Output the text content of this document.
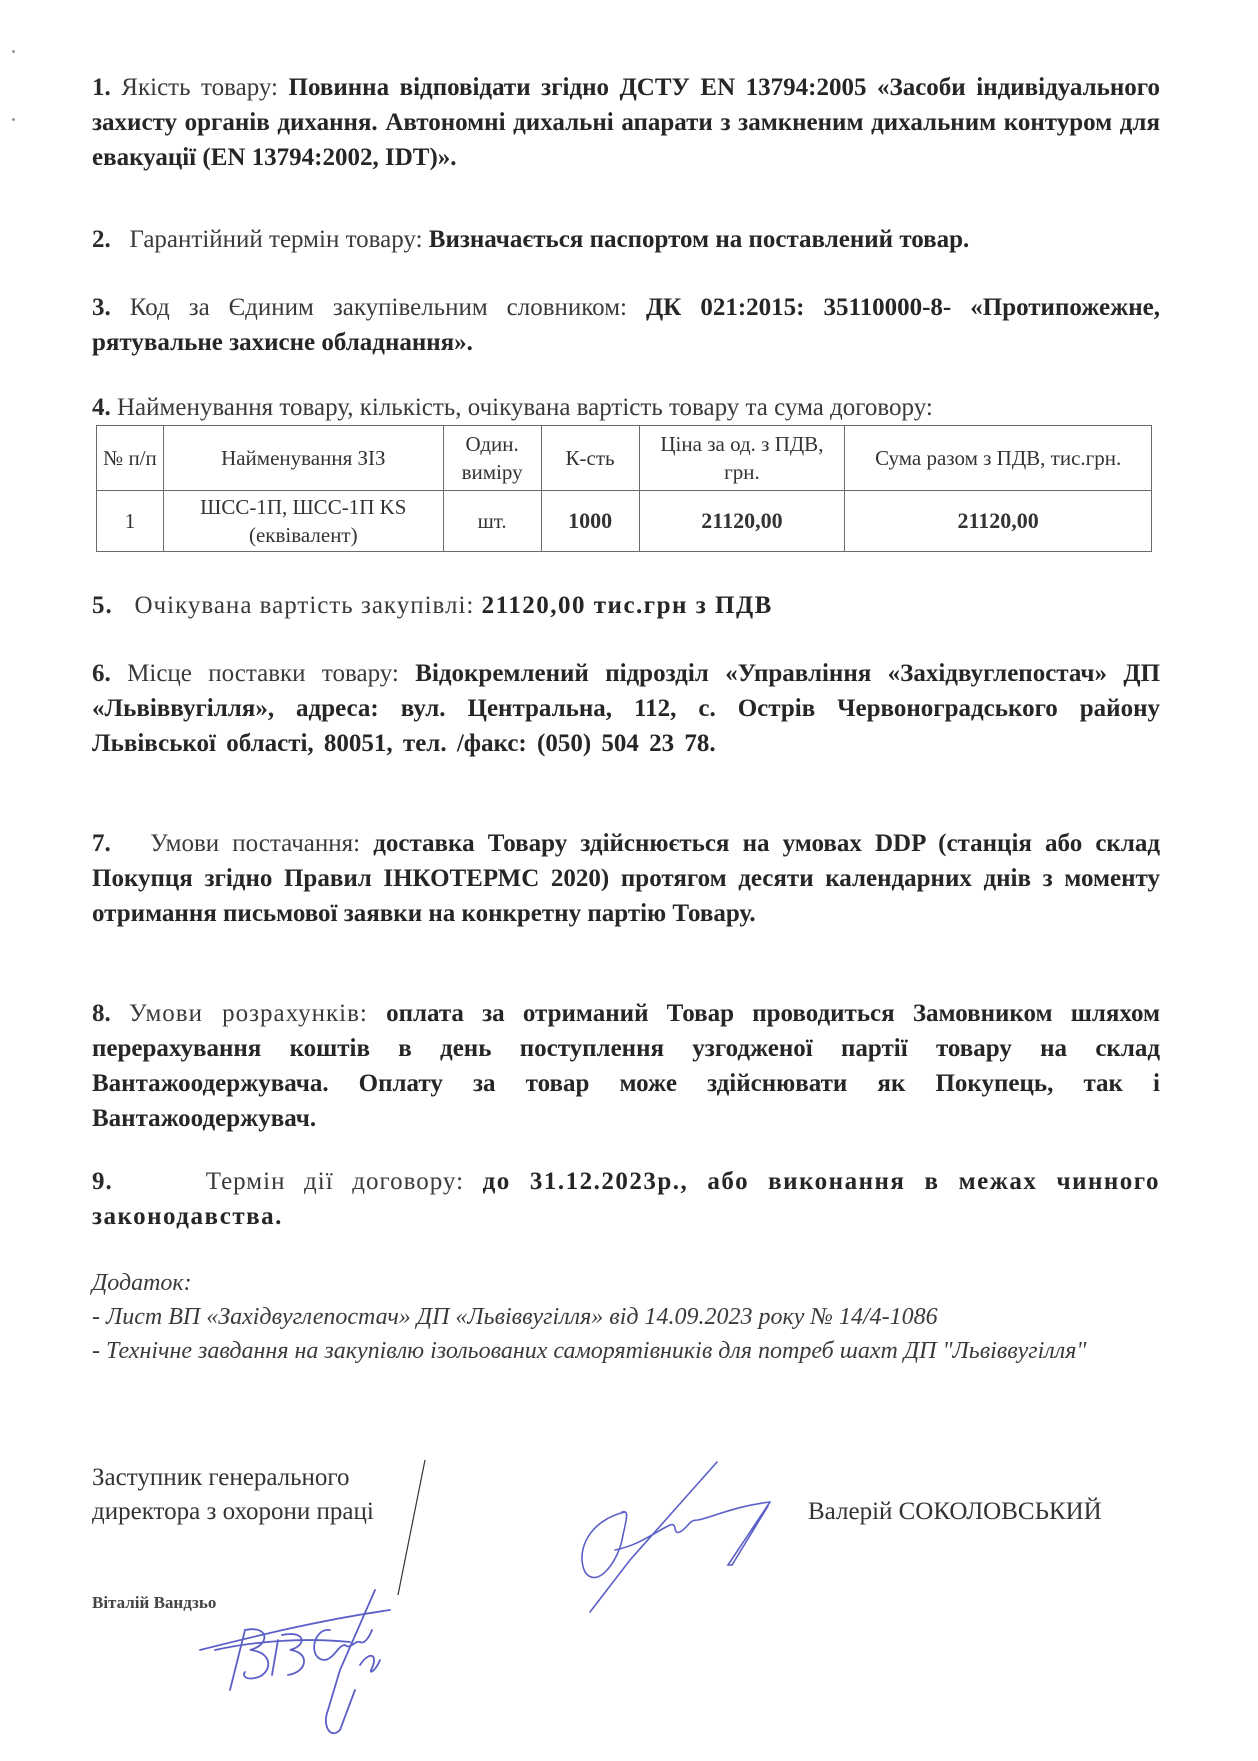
1. Якість товару: Повинна відповідати згідно ДСТУ EN 13794:2005 «Засоби індивідуального захисту органів дихання. Автономні дихальні апарати з замкненим дихальним контуром для евакуації (EN 13794:2002, IDT)».
2. Гарантійний термін товару: Визначається паспортом на поставлений товар.
3. Код за Єдиним закупівельним словником: ДК 021:2015: 35110000-8- «Протипожежне, рятувальне захисне обладнання».
4. Найменування товару, кількість, очікувана вартість товару та сума договору:
№ п/п	Найменування ЗІЗ	Один. виміру	К-сть	Ціна за од. з ПДВ, грн.	Сума разом з ПДВ, тис.грн.
1	ШСС-1П, ШСС-1П KS (еквівалент)	шт.	1000	21120,00	21120,00
5. Очікувана вартість закупівлі: 21120,00 тис.грн з ПДВ
6. Місце поставки товару: Відокремлений підрозділ «Управління «Західвуглепостач» ДП «Львіввугілля», адреса: вул. Центральна, 112, с. Острів Червоноградського району Львівської області, 80051, тел. /факс: (050) 504 23 78.
7. Умови постачання: доставка Товару здійснюється на умовах DDP (станція або склад Покупця згідно Правил ІНКОТЕРМС 2020) протягом десяти календарних днів з моменту отримання письмової заявки на конкретну партію Товару.
8. Умови розрахунків: оплата за отриманий Товар проводиться Замовником шляхом перерахування коштів в день поступлення узгодженої партії товару на склад Вантажоодержувача. Оплату за товар може здійснювати як Покупець, так і Вантажоодержувач.
9.	Термін дії договору: до 31.12.2023р., або виконання в межах чинного законодавства.
Додаток:
- Лист ВП «Західвуглепостач» ДП «Львіввугілля» від 14.09.2023 року № 14/4-1086
- Технічне завдання на закупівлю ізольованих саморятівників для потреб шахт ДП "Львіввугілля"
Заступник генерального
директора з охорони праці	Валерій СОКОЛОВСЬКИЙ
Віталій Вандзьо
